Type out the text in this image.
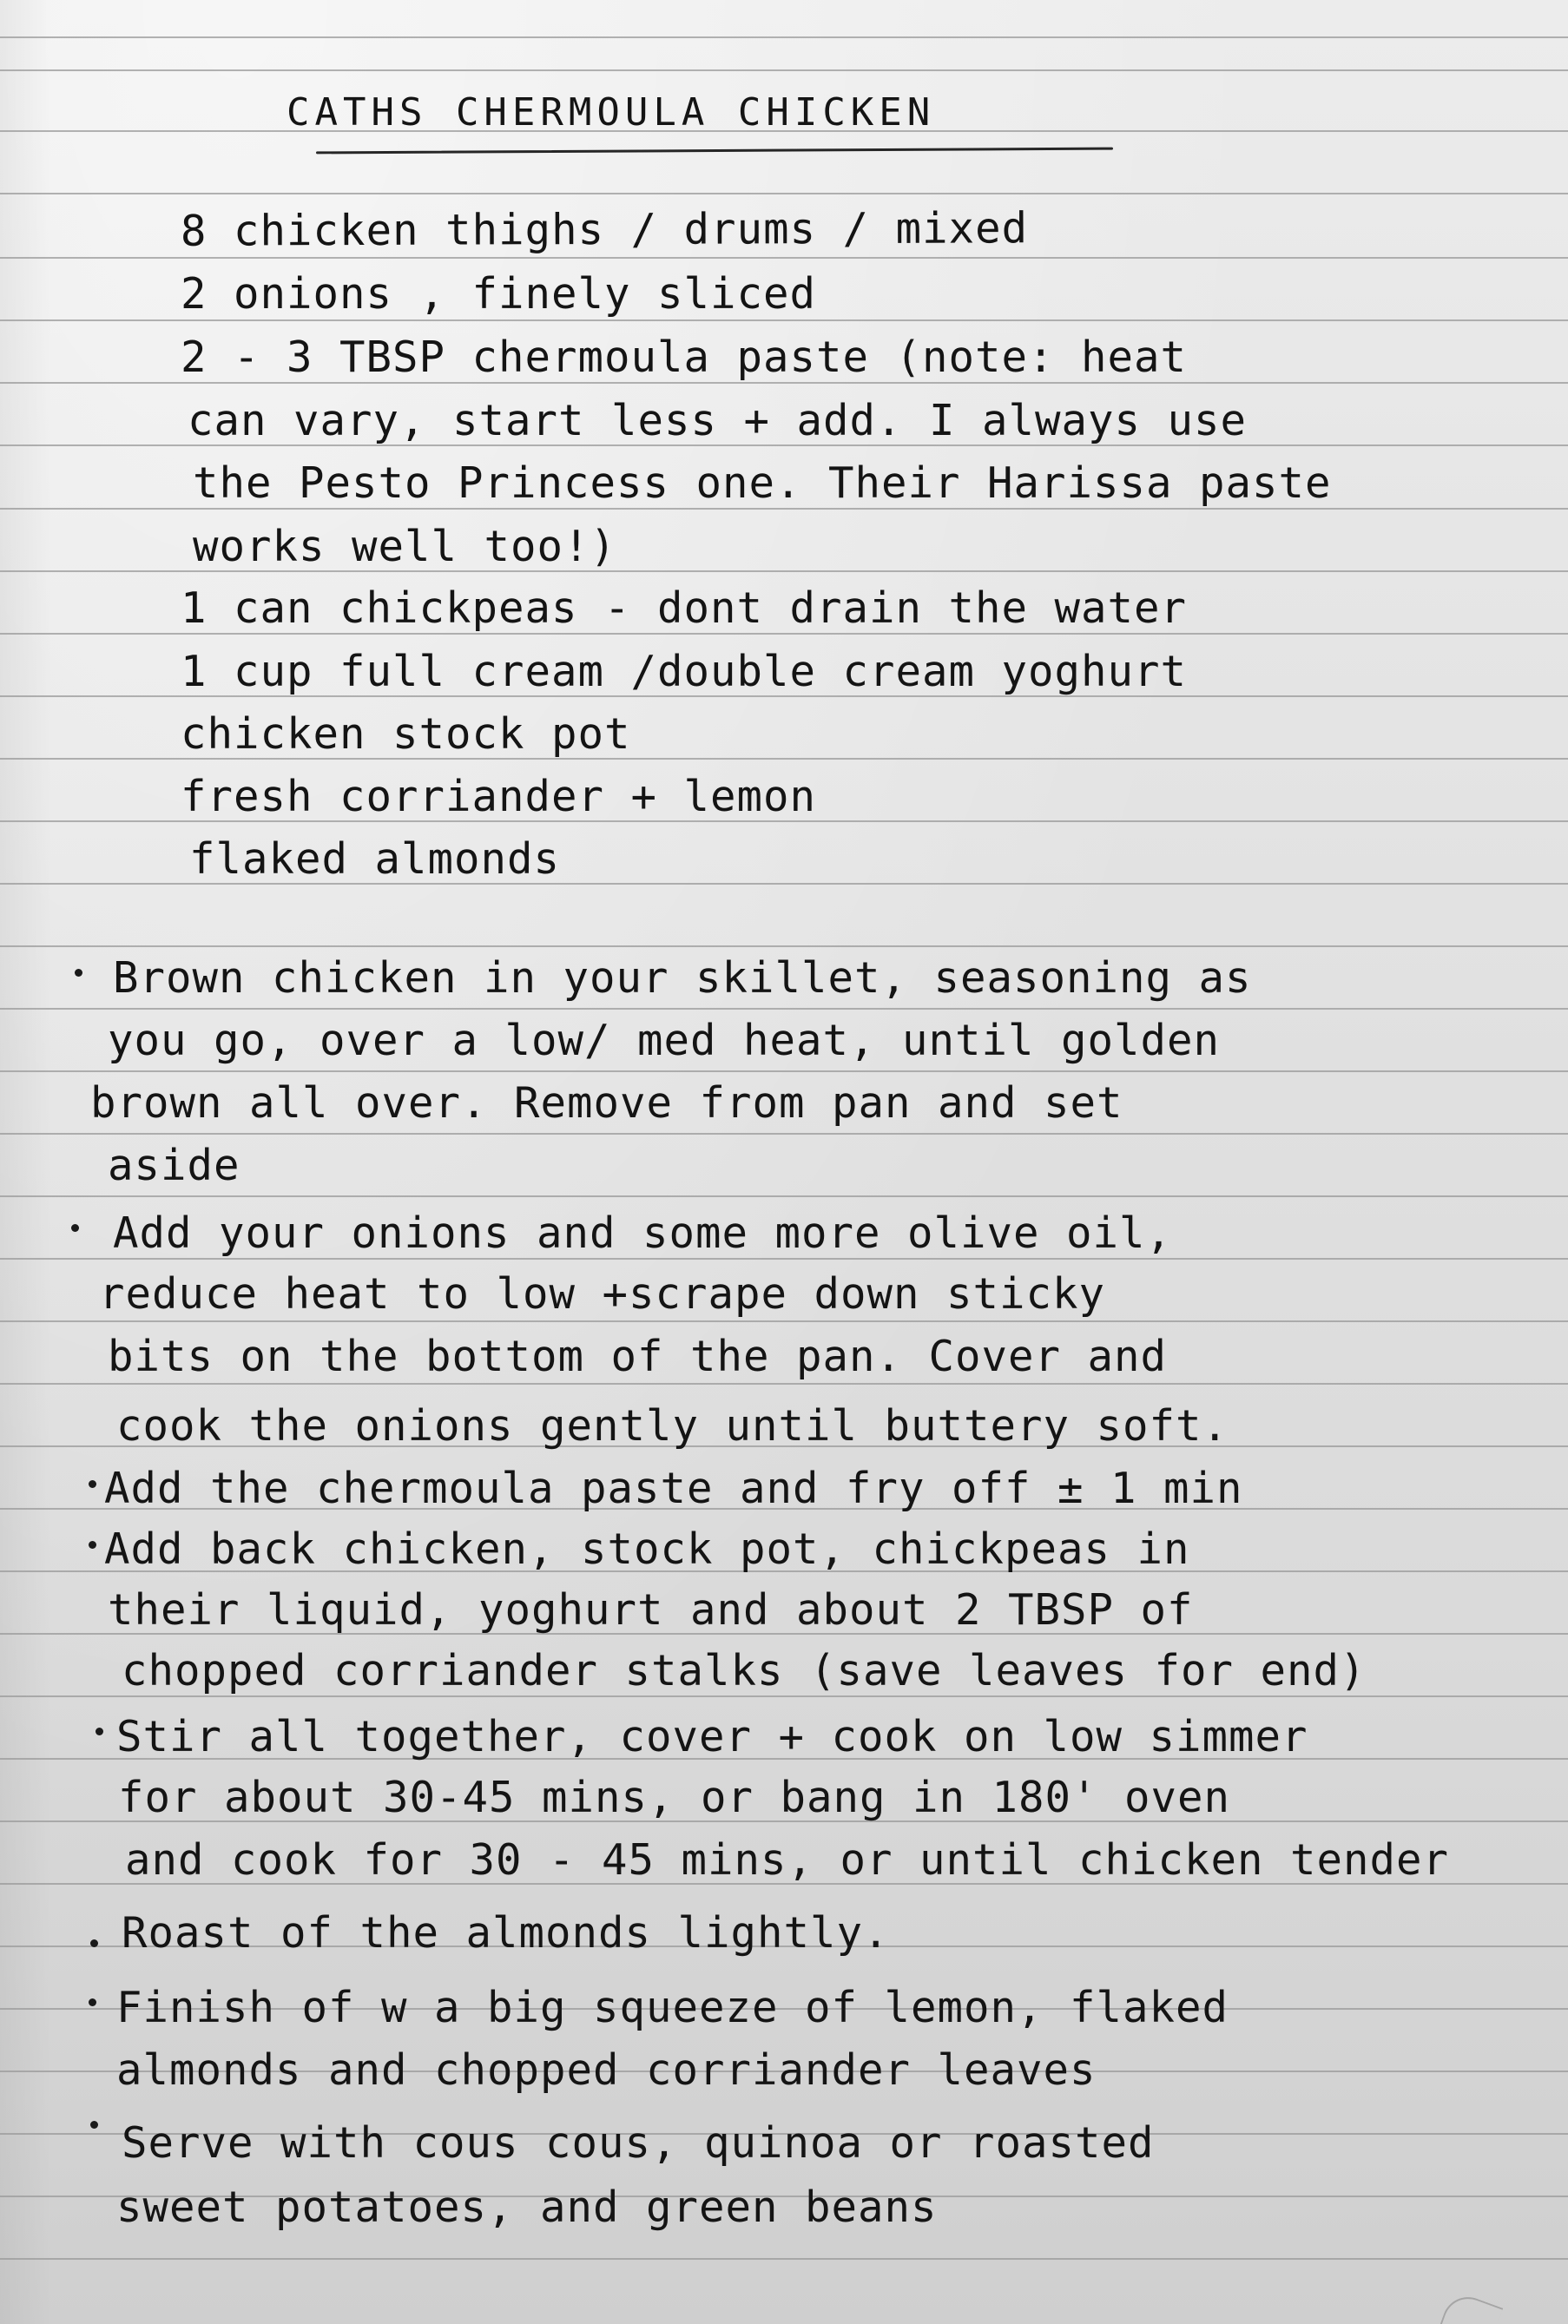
CATHS CHERMOULA CHICKEN
8 chicken thighs / drums / mixed
2 onions , finely sliced
2 - 3 TBSP chermoula paste (note: heat
can vary, start less + add. I always use
the Pesto Princess one. Their Harissa paste
works well too!)
1 can chickpeas - dont drain the water
1 cup full cream /double cream yoghurt
chicken stock pot
fresh corriander + lemon
flaked almonds
Brown chicken in your skillet, seasoning as
you go, over a low/ med heat, until golden
brown all over. Remove from pan and set
aside
Add your onions and some more olive oil,
reduce heat to low +scrape down sticky
bits on the bottom of the pan. Cover and
cook the onions gently until buttery soft.
Add the chermoula paste and fry off ± 1 min
Add back chicken, stock pot, chickpeas in
their liquid, yoghurt and about 2 TBSP of
chopped corriander stalks (save leaves for end)
Stir all together, cover + cook on low simmer
for about 30-45 mins, or bang in 180' oven
and cook for 30 - 45 mins, or until chicken tender
Roast of the almonds lightly.
Finish of w a big squeeze of lemon, flaked
almonds and chopped corriander leaves
Serve with cous cous, quinoa or roasted
sweet potatoes, and green beans
